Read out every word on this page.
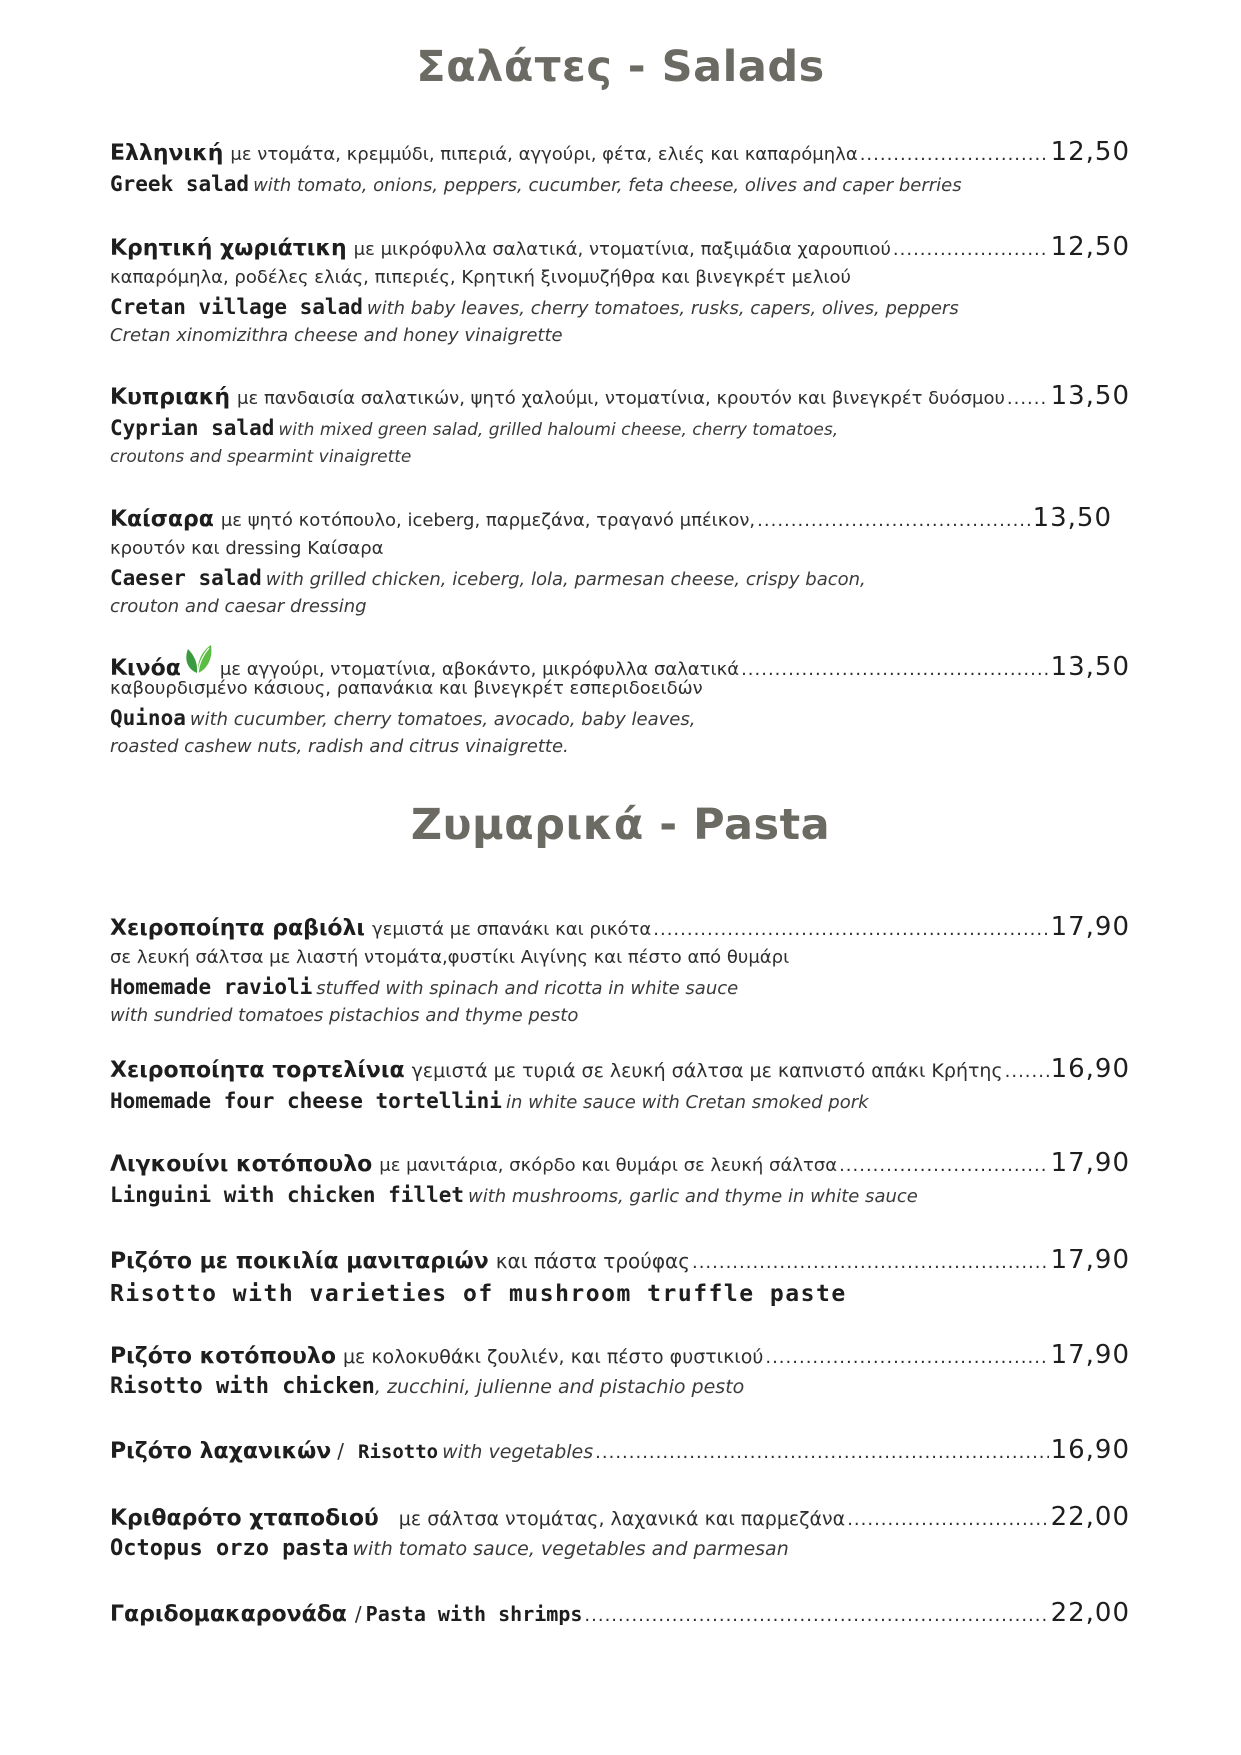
Σαλάτες - Salads
Ελληνική με ντομάτα, κρεμμύδι, πιπεριά, αγγούρι, φέτα, ελιές και καπαρόμηλα .....	12,50
Greek salad with tomato, onions, peppers, cucumber, feta cheese, olives and caper berries
Κρητική χωριάτικη με μικρόφυλλα σαλατικά, ντοματίνια, παξιμάδια χαρουπιού .....	12,50
καπαρόμηλα, ροδέλες ελιάς, πιπεριές, Κρητική ξινομυζήθρα και βινεγκρέτ μελιού
Cretan village salad with baby leaves, cherry tomatoes, rusks, capers, olives, peppers
Cretan xinomizithra cheese and honey vinaigrette
Κυπριακή με πανδαισία σαλατικών, ψητό χαλούμι, ντοματίνια, κρουτόν και βινεγκρέτ δυόσμου ..... 13,50
Cyprian salad with mixed green salad, grilled haloumi cheese, cherry tomatoes,
croutons and spearmint vinaigrette
Καίσαρα με ψητό κοτόπουλο, iceberg, παρμεζάνα, τραγανό μπέικον, .....	13,50
κρουτόν και dressing Καίσαρα
Caeser salad with grilled chicken, iceberg, lola, parmesan cheese, crispy bacon,
crouton and caesar dressing
Κινόα με αγγούρι, ντοματίνια, αβοκάντο, μικρόφυλλα σαλατικά .....	13,50
καβουρδισμένο κάσιους, ραπανάκια και βινεγκρέτ εσπεριδοειδών
Quinoa with cucumber, cherry tomatoes, avocado, baby leaves,
roasted cashew nuts, radish and citrus vinaigrette.
Ζυμαρικά - Pasta
Χειροποίητα ραβιόλι γεμιστά με σπανάκι και ρικότα .....	17,90
σε λευκή σάλτσα με λιαστή ντομάτα,φυστίκι Αιγίνης και πέστο από θυμάρι
Homemade ravioli stuffed with spinach and ricotta in white sauce
with sundried tomatoes pistachios and thyme pesto
Χειροποίητα τορτελίνια γεμιστά με τυριά σε λευκή σάλτσα με καπνιστό απάκι Κρήτης ..... 16,90
Homemade four cheese tortellini in white sauce with Cretan smoked pork
Λιγκουίνι κοτόπουλο με μανιτάρια, σκόρδο και θυμάρι σε λευκή σάλτσα .....	17,90
Linguini with chicken fillet with mushrooms, garlic and thyme in white sauce
Ριζότο με ποικιλία μανιταριών και πάστα τρούφας .....	17,90
Risotto with varieties of mushroom truffle paste
Ριζότο κοτόπουλο με κολοκυθάκι ζουλιέν, και πέστο φυστικιού .....	17,90
Risotto with chicken, zucchini, julienne and pistachio pesto
Ριζότο λαχανικών / Risotto with vegetables .....	16,90
Κριθαρότο χταποδιού με σάλτσα ντομάτας, λαχανικά και παρμεζάνα .....	22,00
Octopus orzo pasta with tomato sauce, vegetables and parmesan
Γαριδομακαρονάδα / Pasta with shrimps .....	22,00
